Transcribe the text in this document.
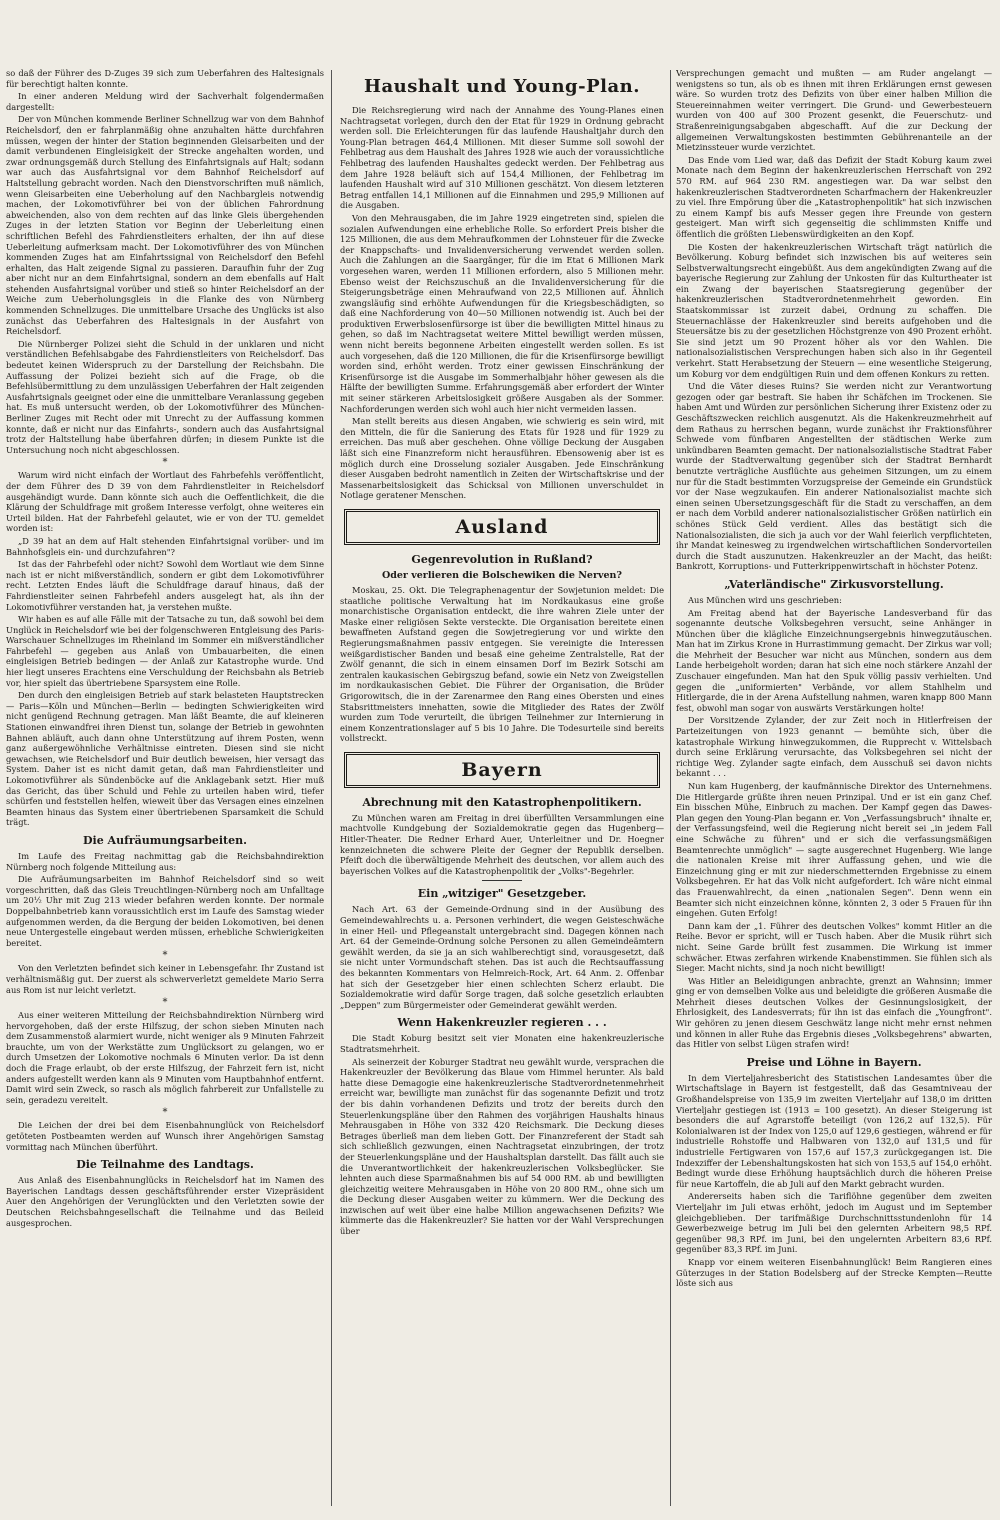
so daß der Führer des D-Zuges 39 sich zum Ueberfahren des Haltesignals für berechtigt halten konnte.

In einer anderen Meldung wird der Sachverhalt folgendermaßen dargestellt:

Der von München kommende Berliner Schnellzug war von dem Bahnhof Reichelsdorf, den er fahrplanmäßig ohne anzuhalten hätte durchfahren müssen, wegen der hinter der Station beginnenden Gleisarbeiten und der damit verbundenen Eingleisigkeit der Strecke angehalten worden, und zwar ordnungsgemäß durch Stellung des Einfahrtsignals auf Halt; sodann war auch das Ausfahrtsignal vor dem Bahnhof Reichelsdorf auf Haltstellung gebracht worden. Nach den Dienstvorschriften muß nämlich, wenn Gleisarbeiten eine Ueberholung auf den Nachbargleis notwendig machen, der Lokomotivführer bei von der üblichen Fahrordnung abweichenden, also von dem rechten auf das linke Gleis übergehenden Zuges in der letzten Station vor Beginn der Ueberleitung einen schriftlichen Befehl des Fahrdienstleiters erhalten, der ihn auf diese Ueberleitung aufmerksam macht. Der Lokomotivführer des von München kommenden Zuges hat am Einfahrtssignal von Reichelsdorf den Befehl erhalten, das Halt zeigende Signal zu passieren. Daraufhin fuhr der Zug aber nicht nur an dem Einfahrtsignal, sondern an dem ebenfalls auf Halt stehenden Ausfahrtsignal vorüber und stieß so hinter Reichelsdorf an der Weiche zum Ueberholungsgleis in die Flanke des von Nürnberg kommenden Schnellzuges. Die unmittelbare Ursache des Unglücks ist also zunächst das Ueberfahren des Haltesignals in der Ausfahrt von Reichelsdorf.

Die Nürnberger Polizei sieht die Schuld in der unklaren und nicht verständlichen Befehlsabgabe des Fahrdienstleiters von Reichelsdorf. Das bedeutet keinen Widerspruch zu der Darstellung der Reichsbahn. Die Auffassung der Polizei bezieht sich auf die Frage, ob die Befehlsübermittlung zu dem unzulässigen Ueberfahren der Halt zeigenden Ausfahrtsignals geeignet oder eine die unmittelbare Veranlassung gegeben hat. Es muß untersucht werden, ob der Lokomotivführer des München-Berliner Zuges mit Recht oder mit Unrecht zu der Auffassung kommen konnte, daß er nicht nur das Einfahrts-, sondern auch das Ausfahrtsignal trotz der Haltstellung habe überfahren dürfen; in diesem Punkte ist die Untersuchung noch nicht abgeschlossen.

*

Warum wird nicht einfach der Wortlaut des Fahrbefehls veröffentlicht, der dem Führer des D 39 von dem Fahrdienstleiter in Reichelsdorf ausgehändigt wurde. Dann könnte sich auch die Oeffentlichkeit, die die Klärung der Schuldfrage mit großem Interesse verfolgt, ohne weiteres ein Urteil bilden. Hat der Fahrbefehl gelautet, wie er von der TU. gemeldet worden ist:

„D 39 hat an dem auf Halt stehenden Einfahrtsignal vorüber- und im Bahnhofsgleis ein- und durchzufahren"?

Ist das der Fahrbefehl oder nicht? Sowohl dem Wortlaut wie dem Sinne nach ist er nicht mißverständlich, sondern er gibt dem Lokomotivführer recht. Letzten Endes läuft die Schuldfrage darauf hinaus, daß der Fahrdienstleiter seinen Fahrbefehl anders ausgelegt hat, als ihn der Lokomotivführer verstanden hat, ja verstehen mußte.

Wir haben es auf alle Fälle mit der Tatsache zu tun, daß sowohl bei dem Unglück in Reichelsdorf wie bei der folgenschweren Entgleisung des Paris-Warschauer Schnellzuges im Rheinland im Sommer ein mißverständlicher Fahrbefehl — gegeben aus Anlaß von Umbauarbeiten, die einen eingleisigen Betrieb bedingen — der Anlaß zur Katastrophe wurde. Und hier liegt unseres Erachtens eine Verschuldung der Reichsbahn als Betrieb vor, hier spielt das übertriebene Sparsystem eine Rolle.

Den durch den eingleisigen Betrieb auf stark belasteten Hauptstrecken — Paris—Köln und München—Berlin — bedingten Schwierigkeiten wird nicht genügend Rechnung getragen. Man läßt Beamte, die auf kleineren Stationen einwandfrei ihren Dienst tun, solange der Betrieb in gewohnten Bahnen abläuft, auch dann ohne Unterstützung auf ihrem Posten, wenn ganz außergewöhnliche Verhältnisse eintreten. Diesen sind sie nicht gewachsen, wie Reichelsdorf und Buir deutlich beweisen, hier versagt das System. Daher ist es nicht damit getan, daß man Fahrdienstleiter und Lokomotivführer als Sündenböcke auf die Anklagebank setzt. Hier muß das Gericht, das über Schuld und Fehle zu urteilen haben wird, tiefer schürfen und feststellen helfen, wieweit über das Versagen eines einzelnen Beamten hinaus das System einer übertriebenen Sparsamkeit die Schuld trägt.

Die Aufräumungsarbeiten.

Im Laufe des Freitag nachmittag gab die Reichsbahndirektion Nürnberg noch folgende Mitteilung aus:

Die Aufräumungsarbeiten im Bahnhof Reichelsdorf sind so weit vorgeschritten, daß das Gleis Treuchtlingen-Nürnberg noch am Unfalltage um 20½ Uhr mit Zug 213 wieder befahren werden konnte. Der normale Doppelbahnbetrieb kann voraussichtlich erst im Laufe des Samstag wieder aufgenommen werden, da die Bergung der beiden Lokomotiven, bei denen neue Untergestelle eingebaut werden müssen, erhebliche Schwierigkeiten bereitet.

*

Von den Verletzten befindet sich keiner in Lebensgefahr. Ihr Zustand ist verhältnismäßig gut. Der zuerst als schwerverletzt gemeldete Mario Serra aus Rom ist nur leicht verletzt.

*

Aus einer weiteren Mitteilung der Reichsbahndirektion Nürnberg wird hervorgehoben, daß der erste Hilfszug, der schon sieben Minuten nach dem Zusammenstoß alarmiert wurde, nicht weniger als 9 Minuten Fahrzeit brauchte, um von der Werkstätte zum Unglücksort zu gelangen, wo er durch Umsetzen der Lokomotive nochmals 6 Minuten verlor. Da ist denn doch die Frage erlaubt, ob der erste Hilfszug, der Fahrzeit fern ist, nicht anders aufgestellt werden kann als 9 Minuten vom Hauptbahnhof entfernt. Damit wird sein Zweck, so rasch als möglich fahrbereit zur Unfallstelle zu sein, geradezu vereitelt.

*

Die Leichen der drei bei dem Eisenbahnunglück von Reichelsdorf getöteten Postbeamten werden auf Wunsch ihrer Angehörigen Samstag vormittag nach München überführt.

Die Teilnahme des Landtags.

Aus Anlaß des Eisenbahnunglücks in Reichelsdorf hat im Namen des Bayerischen Landtags dessen geschäftsführender erster Vizepräsident Auer den Angehörigen der Verunglückten und den Verletzten sowie der Deutschen Reichsbahngesellschaft die Teilnahme und das Beileid ausgesprochen.

Haushalt und Young-Plan.

Die Reichsregierung wird nach der Annahme des Young-Planes einen Nachtragsetat vorlegen, durch den der Etat für 1929 in Ordnung gebracht werden soll. Die Erleichterungen für das laufende Haushaltjahr durch den Young-Plan betragen 464,4 Millionen. Mit dieser Summe soll sowohl der Fehlbetrag aus dem Haushalt des Jahres 1928 wie auch der voraussichtliche Fehlbetrag des laufenden Haushaltes gedeckt werden. Der Fehlbetrag aus dem Jahre 1928 beläuft sich auf 154,4 Millionen, der Fehlbetrag im laufenden Haushalt wird auf 310 Millionen geschätzt. Von diesem letzteren Betrag entfallen 14,1 Millionen auf die Einnahmen und 295,9 Millionen auf die Ausgaben.

Von den Mehrausgaben, die im Jahre 1929 eingetreten sind, spielen die sozialen Aufwendungen eine erhebliche Rolle. So erfordert Preis bisher die 125 Millionen, die aus dem Mehraufkommen der Lohnsteuer für die Zwecke der Knappschafts- und Invalidenversicherung verwendet werden sollen. Auch die Zahlungen an die Saargänger, für die im Etat 6 Millionen Mark vorgesehen waren, werden 11 Millionen erfordern, also 5 Millionen mehr. Ebenso weist der Reichszuschuß an die Invalidenversicherung für die Steigerungsbeträge einen Mehraufwand von 22,5 Millionen auf. Ähnlich zwangsläufig sind erhöhte Aufwendungen für die Kriegsbeschädigten, so daß eine Nachforderung von 40—50 Millionen notwendig ist. Auch bei der produktiven Erwerbslosenfürsorge ist über die bewilligten Mittel hinaus zu gehen, so daß im Nachtragsetat weitere Mittel bewilligt werden müssen, wenn nicht bereits begonnene Arbeiten eingestellt werden sollen. Es ist auch vorgesehen, daß die 120 Millionen, die für die Krisenfürsorge bewilligt worden sind, erhöht werden. Trotz einer gewissen Einschränkung der Krisenfürsorge ist die Ausgabe im Sommerhalbjahr höher gewesen als die Hälfte der bewilligten Summe. Erfahrungsgemäß aber erfordert der Winter mit seiner stärkeren Arbeitslosigkeit größere Ausgaben als der Sommer. Nachforderungen werden sich wohl auch hier nicht vermeiden lassen.

Man stellt bereits aus diesen Angaben, wie schwierig es sein wird, mit den Mitteln, die für die Sanierung des Etats für 1928 und für 1929 zu erreichen. Das muß aber geschehen. Ohne völlige Deckung der Ausgaben läßt sich eine Finanzreform nicht herausführen. Ebensowenig aber ist es möglich durch eine Drosselung sozialer Ausgaben. Jede Einschränkung dieser Ausgaben bedroht namentlich in Zeiten der Wirtschaftskrise und der Massenarbeitslosigkeit das Schicksal von Millionen unverschuldet in Notlage geratener Menschen.

Ausland
Gegenrevolution in Rußland?
Oder verlieren die Bolschewiken die Nerven?

Moskau, 25. Okt. Die Telegraphenagentur der Sowjetunion meldet: Die staatliche politische Verwaltung hat im Nordkaukasus eine große monarchistische Organisation entdeckt, die ihre wahren Ziele unter der Maske einer religiösen Sekte versteckte. Die Organisation bereitete einen bewaffneten Aufstand gegen die Sowjetregierung vor und wirkte den Regierungsmaßnahmen passiv entgegen. Sie vereinigte die Interessen weißgardistischer Banden und besaß eine geheime Zentralstelle, Rat der Zwölf genannt, die sich in einem einsamen Dorf im Bezirk Sotschi am zentralen kaukasischen Gebirgszug befand, sowie ein Netz von Zweigstellen im nordkaukasischen Gebiet. Die Führer der Organisation, die Brüder Grigorowitsch, die in der Zarenarmee den Rang eines Obersten und eines Stabsrittmeisters innehatten, sowie die Mitglieder des Rates der Zwölf wurden zum Tode verurteilt, die übrigen Teilnehmer zur Internierung in einem Konzentrationslager auf 5 bis 10 Jahre. Die Todesurteile sind bereits vollstreckt.

Bayern
Abrechnung mit den Katastrophenpolitikern.

Zu München waren am Freitag in drei überfüllten Versammlungen eine machtvolle Kundgebung der Sozialdemokratie gegen das Hugenberg—Hitler-Theater. Die Redner Erhard Auer, Unterleitner und Dr. Hoegner kennzeichneten die schwere Pleite der Gegner der Republik derselben. Pfeift doch die überwältigende Mehrheit des deutschen, vor allem auch des bayerischen Volkes auf die Katastrophenpolitik der „Volks"-Begehrler.

Ein „witziger" Gesetzgeber.

Nach Art. 63 der Gemeinde-Ordnung sind in der Ausübung des Gemeindewahlrechts u. a. Personen verhindert, die wegen Geisteschwäche in einer Heil- und Pflegeanstalt untergebracht sind. Dagegen können nach Art. 64 der Gemeinde-Ordnung solche Personen zu allen Gemeindeämtern gewählt werden, da sie ja an sich wahlberechtigt sind, vorausgesetzt, daß sie nicht unter Vormundschaft stehen. Das ist auch die Rechtsauffassung des bekannten Kommentars von Helmreich-Rock, Art. 64 Anm. 2. Offenbar hat sich der Gesetzgeber hier einen schlechten Scherz erlaubt. Die Sozialdemokratie wird dafür Sorge tragen, daß solche gesetzlich erlaubten „Deppen" zum Bürgermeister oder Gemeinderat gewählt werden.

Wenn Hakenkreuzler regieren . . .

Die Stadt Koburg besitzt seit vier Monaten eine hakenkreuzlerische Stadtratsmehrheit.

Als seinerzeit der Koburger Stadtrat neu gewählt wurde, versprachen die Hakenkreuzler der Bevölkerung das Blaue vom Himmel herunter. Als bald hatte diese Demagogie eine hakenkreuzlerische Stadtverordnetenmehrheit erreicht war, bewilligte man zunächst für das sogenannte Defizit und trotz der bis dahin vorhandenen Defizits und trotz der bereits durch den Steuerlenkungspläne über den Rahmen des vorjährigen Haushalts hinaus Mehrausgaben in Höhe von 332 420 Reichsmark. Die Deckung dieses Betrages überließ man dem lieben Gott. Der Finanzreferent der Stadt sah sich schließlich gezwungen, einen Nachtragsetat einzubringen, der trotz der Steuerlenkungspläne und der Haushaltsplan darstellt. Das fällt auch sie die Unverantwortlichkeit der hakenkreuzlerischen Volksbeglücker. Sie lehnten auch diese Sparmaßnahmen bis auf 54 000 RM. ab und bewilligten gleichzeitig weitere Mehrausgaben in Höhe von 20 800 RM., ohne sich um die Deckung dieser Ausgaben weiter zu kümmern. Wer die Deckung des inzwischen auf weit über eine halbe Million angewachsenen Defizits? Wie kümmerte das die Hakenkreuzler? Sie hatten vor der Wahl Versprechungen über

Versprechungen gemacht und mußten — am Ruder angelangt — wenigstens so tun, als ob es ihnen mit ihren Erklärungen ernst gewesen wäre. So wurden trotz des Defizits von über einer halben Million die Steuereinnahmen weiter verringert. Die Grund- und Gewerbesteuern wurden von 400 auf 300 Prozent gesenkt, die Feuerschutz- und Straßenreinigungsabgaben abgeschafft. Auf die zur Deckung der allgemeinen Verwaltungskosten bestimmten Gebührenanteile an der Mietzinssteuer wurde verzichtet.

Das Ende vom Lied war, daß das Defizit der Stadt Koburg kaum zwei Monate nach dem Beginn der hakenkreuzlerischen Herrschaft von 292 570 RM. auf 964 230 RM. angestiegen war. Da war selbst den hakenkreuzlerischen Stadtverordneten Scharfmachern der Hakenkreuzler zu viel. Ihre Empörung über die „Katastrophenpolitik" hat sich inzwischen zu einem Kampf bis aufs Messer gegen ihre Freunde von gestern gesteigert. Man wirft sich gegenseitig die schlimmsten Kniffe und öffentlich die größten Liebenswürdigkeiten an den Kopf.

Die Kosten der hakenkreuzlerischen Wirtschaft trägt natürlich die Bevölkerung. Koburg befindet sich inzwischen bis auf weiteres sein Selbstverwaltungsrecht eingebüßt. Aus dem angekündigten Zwang auf die bayerische Regierung zur Zahlung der Unkosten für das Kulturtheater ist ein Zwang der bayerischen Staatsregierung gegenüber der hakenkreuzlerischen Stadtverordnetenmehrheit geworden. Ein Staatskommissar ist zurzeit dabei, Ordnung zu schaffen. Die Steuernachlässe der Hakenkreuzler sind bereits aufgehoben und die Steuersätze bis zu der gesetzlichen Höchstgrenze von 490 Prozent erhöht. Sie sind jetzt um 90 Prozent höher als vor den Wahlen. Die nationalsozialistischen Versprechungen haben sich also in ihr Gegenteil verkehrt. Statt Herabsetzung der Steuern — eine wesentliche Steigerung, um Koburg vor dem endgültigen Ruin und dem offenen Konkurs zu retten.

Und die Väter dieses Ruins? Sie werden nicht zur Verantwortung gezogen oder gar bestraft. Sie haben ihr Schäfchen im Trockenen. Sie haben Amt und Würden zur persönlichen Sicherung ihrer Existenz oder zu Geschäftszwecken reichlich ausgenutzt. Als die Hakenkreuzmehrheit auf dem Rathaus zu herrschen begann, wurde zunächst ihr Fraktionsführer Schwede vom fünfbaren Angestellten der städtischen Werke zum unkündbaren Beamten gemacht. Der nationalsozialistische Stadtrat Faber wurde der Stadtverwaltung gegenüber sich der Stadtrat Bernhardt benutzte verträgliche Ausflüchte aus geheimen Sitzungen, um zu einem nur für die Stadt bestimmten Vorzugspreise der Gemeinde ein Grundstück vor der Nase wegzukaufen. Ein anderer Nationalsozialist machte sich einen seinen Ubersetzungsgeschäft für die Stadt zu verschaffen, an dem er nach dem Vorbild anderer nationalsozialistischer Größen natürlich ein schönes Stück Geld verdient. Alles das bestätigt sich die Nationalsozialisten, die sich ja auch vor der Wahl feierlich verpflichteten, ihr Mandat keinesweg zu irgendwelchen wirtschaftlichen Sondervorteilen durch die Stadt auszunutzen. Hakenkreuzler an der Macht, das heißt: Bankrott, Korruptions- und Futterkrippenwirtschaft in höchster Potenz.

„Vaterländische" Zirkusvorstellung.

Aus München wird uns geschrieben:

Am Freitag abend hat der Bayerische Landesverband für das sogenannte deutsche Volksbegehren versucht, seine Anhänger in München über die klägliche Einzeichnungsergebnis hinwegzutäuschen. Man hat im Zirkus Krone in Hurrastimmung gemacht. Der Zirkus war voll; die Mehrheit der Besucher war nicht aus München, sondern aus dem Lande herbeigeholt worden; daran hat sich eine noch stärkere Anzahl der Zuschauer eingefunden. Man hat den Spuk völlig passiv verhielten. Und gegen die „uniformierten" Verbände, vor allem Stahlhelm und Hitlergarde, die in der Arena Aufstellung nahmen, waren knapp 800 Mann fest, obwohl man sogar von auswärts Verstärkungen holte!

Der Vorsitzende Zylander, der zur Zeit noch in Hitlerfreisen der Parteizeitungen von 1923 genannt — bemühte sich, über die katastrophale Wirkung hinwegzukommen, die Rupprecht v. Wittelsbach durch seine Erklärung verursachte, das Volksbegehren sei nicht der richtige Weg. Zylander sagte einfach, dem Ausschuß sei davon nichts bekannt . . .

Nun kam Hugenberg, der kaufmännische Direktor des Unternehmens. Die Hitlergarde grüßte ihren neuen Prinzipal. Und er ist ein ganz Chef. Ein bisschen Mühe, Einbruch zu machen. Der Kampf gegen das Dawes-Plan gegen den Young-Plan begann er. Von „Verfassungsbruch" ihnalte er, der Verfassungsfeind, weil die Regierung nicht bereit sei „in jedem Fall eine Schwäche zu führen" und er sich die verfassungsmäßigen Beamtenrechte unmöglich" — sagte ausgerechnet Hugenberg. Wie lange die nationalen Kreise mit ihrer Auffassung gehen, und wie die Einzeichnung ging er mit zur niederschmetternden Ergebnisse zu einem Volksbegehren. Er hat das Volk nicht aufgefordert. Ich wäre nicht einmal das Frauenwahlrecht, da einen „nationalen Segen". Denn wenn ein Beamter sich nicht einzeichnen könne, könnten 2, 3 oder 5 Frauen für ihn eingehen. Guten Erfolg!

Dann kam der „1. Führer des deutschen Volkes" kommt Hitler an die Reihe. Bevor er spricht, will er Tusch haben. Aber die Musik rührt sich nicht. Seine Garde brüllt fest zusammen. Die Wirkung ist immer schwächer. Etwas zerfahren wirkende Knabenstimmen. Sie fühlen sich als Sieger. Macht nichts, sind ja noch nicht bewilligt!

Was Hitler an Beleidigungen anbrachte, grenzt an Wahnsinn; immer ging er von demselben Volke aus und beleidigte die größeren Ausmaße die Mehrheit dieses deutschen Volkes der Gesinnungslosigkeit, der Ehrlosigkeit, des Landesverrats; für ihn ist das einfach die „Youngfront". Wir gehören zu jenen diesem Geschwätz lange nicht mehr ernst nehmen und können in aller Ruhe das Ergebnis dieses „Volksbegehrens" abwarten, das Hitler von selbst Lügen strafen wird!

Preise und Löhne in Bayern.

In dem Vierteljahresbericht des Statistischen Landesamtes über die Wirtschaftslage in Bayern ist festgestellt, daß das Gesamtniveau der Großhandelspreise von 135,9 im zweiten Vierteljahr auf 138,0 im dritten Vierteljahr gestiegen ist (1913 = 100 gesetzt). An dieser Steigerung ist besonders die auf Agrarstoffe beteiligt (von 126,2 auf 132,5). Für Kolonialwaren ist der Index von 125,0 auf 129,6 gestiegen, während er für industrielle Rohstoffe und Halbwaren von 132,0 auf 131,5 und für industrielle Fertigwaren von 157,6 auf 157,3 zurückgegangen ist. Die Indexziffer der Lebenshaltungskosten hat sich von 153,5 auf 154,0 erhöht. Bedingt wurde diese Erhöhung hauptsächlich durch die höheren Preise für neue Kartoffeln, die ab Juli auf den Markt gebracht wurden.

Andererseits haben sich die Tariflöhne gegenüber dem zweiten Vierteljahr im Juli etwas erhöht, jedoch im August und im September gleichgeblieben. Der tarifmäßige Durchschnittsstundenlohn für 14 Gewerbezweige betrug im Juli bei den gelernten Arbeitern 98,5 RPf. gegenüber 98,3 RPf. im Juni, bei den ungelernten Arbeitern 83,6 RPf. gegenüber 83,3 RPf. im Juni.

Knapp vor einem weiteren Eisenbahnunglück! Beim Rangieren eines Güterzuges in der Station Bodelsberg auf der Strecke Kempten—Reutte löste sich aus
